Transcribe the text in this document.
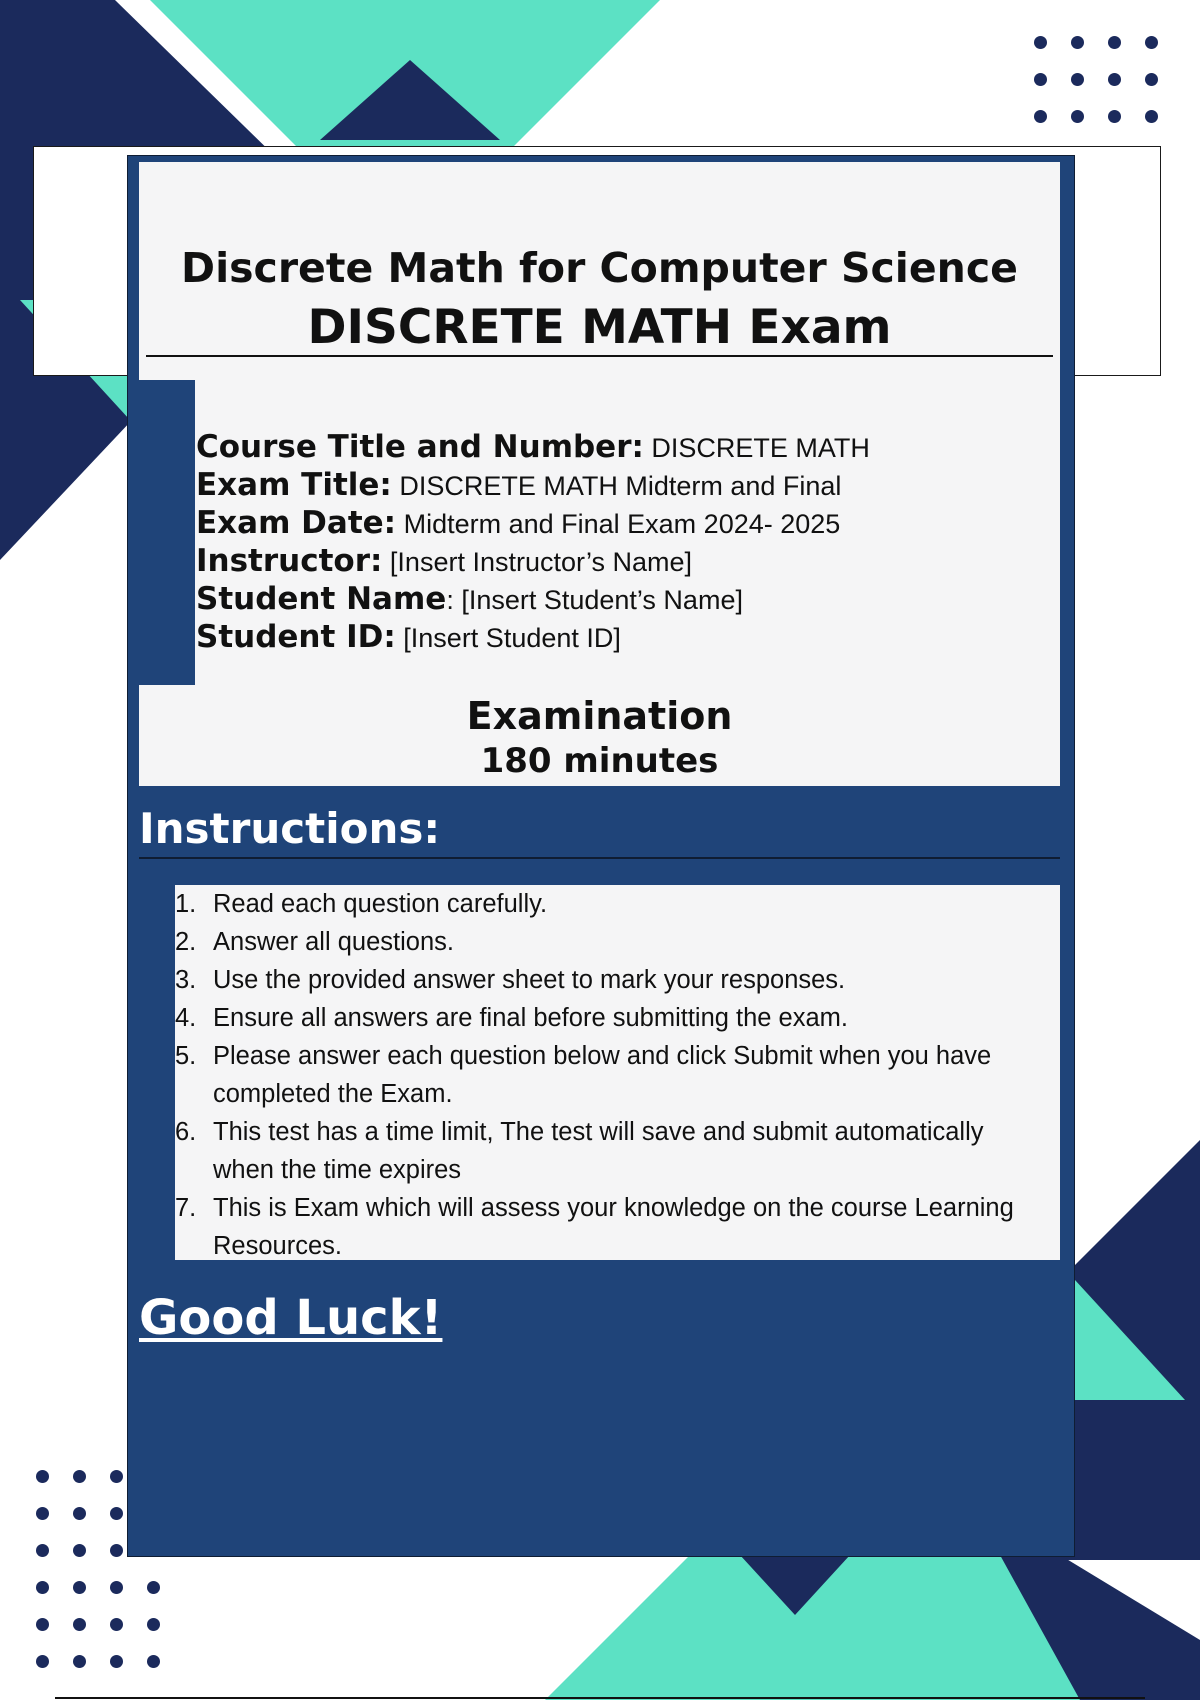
Discrete Math for Computer Science
DISCRETE MATH Exam
Course Title and Number: DISCRETE MATH
Exam Title: DISCRETE MATH Midterm and Final
Exam Date: Midterm and Final Exam 2024- 2025
Instructor: [Insert Instructor’s Name]
Student Name: [Insert Student’s Name]
Student ID: [Insert Student ID]
Examination
180 minutes
Instructions:
1. Read each question carefully.
2. Answer all questions.
3. Use the provided answer sheet to mark your responses.
4. Ensure all answers are final before submitting the exam.
5. Please answer each question below and click Submit when you have completed the Exam.
6. This test has a time limit, The test will save and submit automatically when the time expires
7. This is Exam which will assess your knowledge on the course Learning Resources.
Good Luck!
